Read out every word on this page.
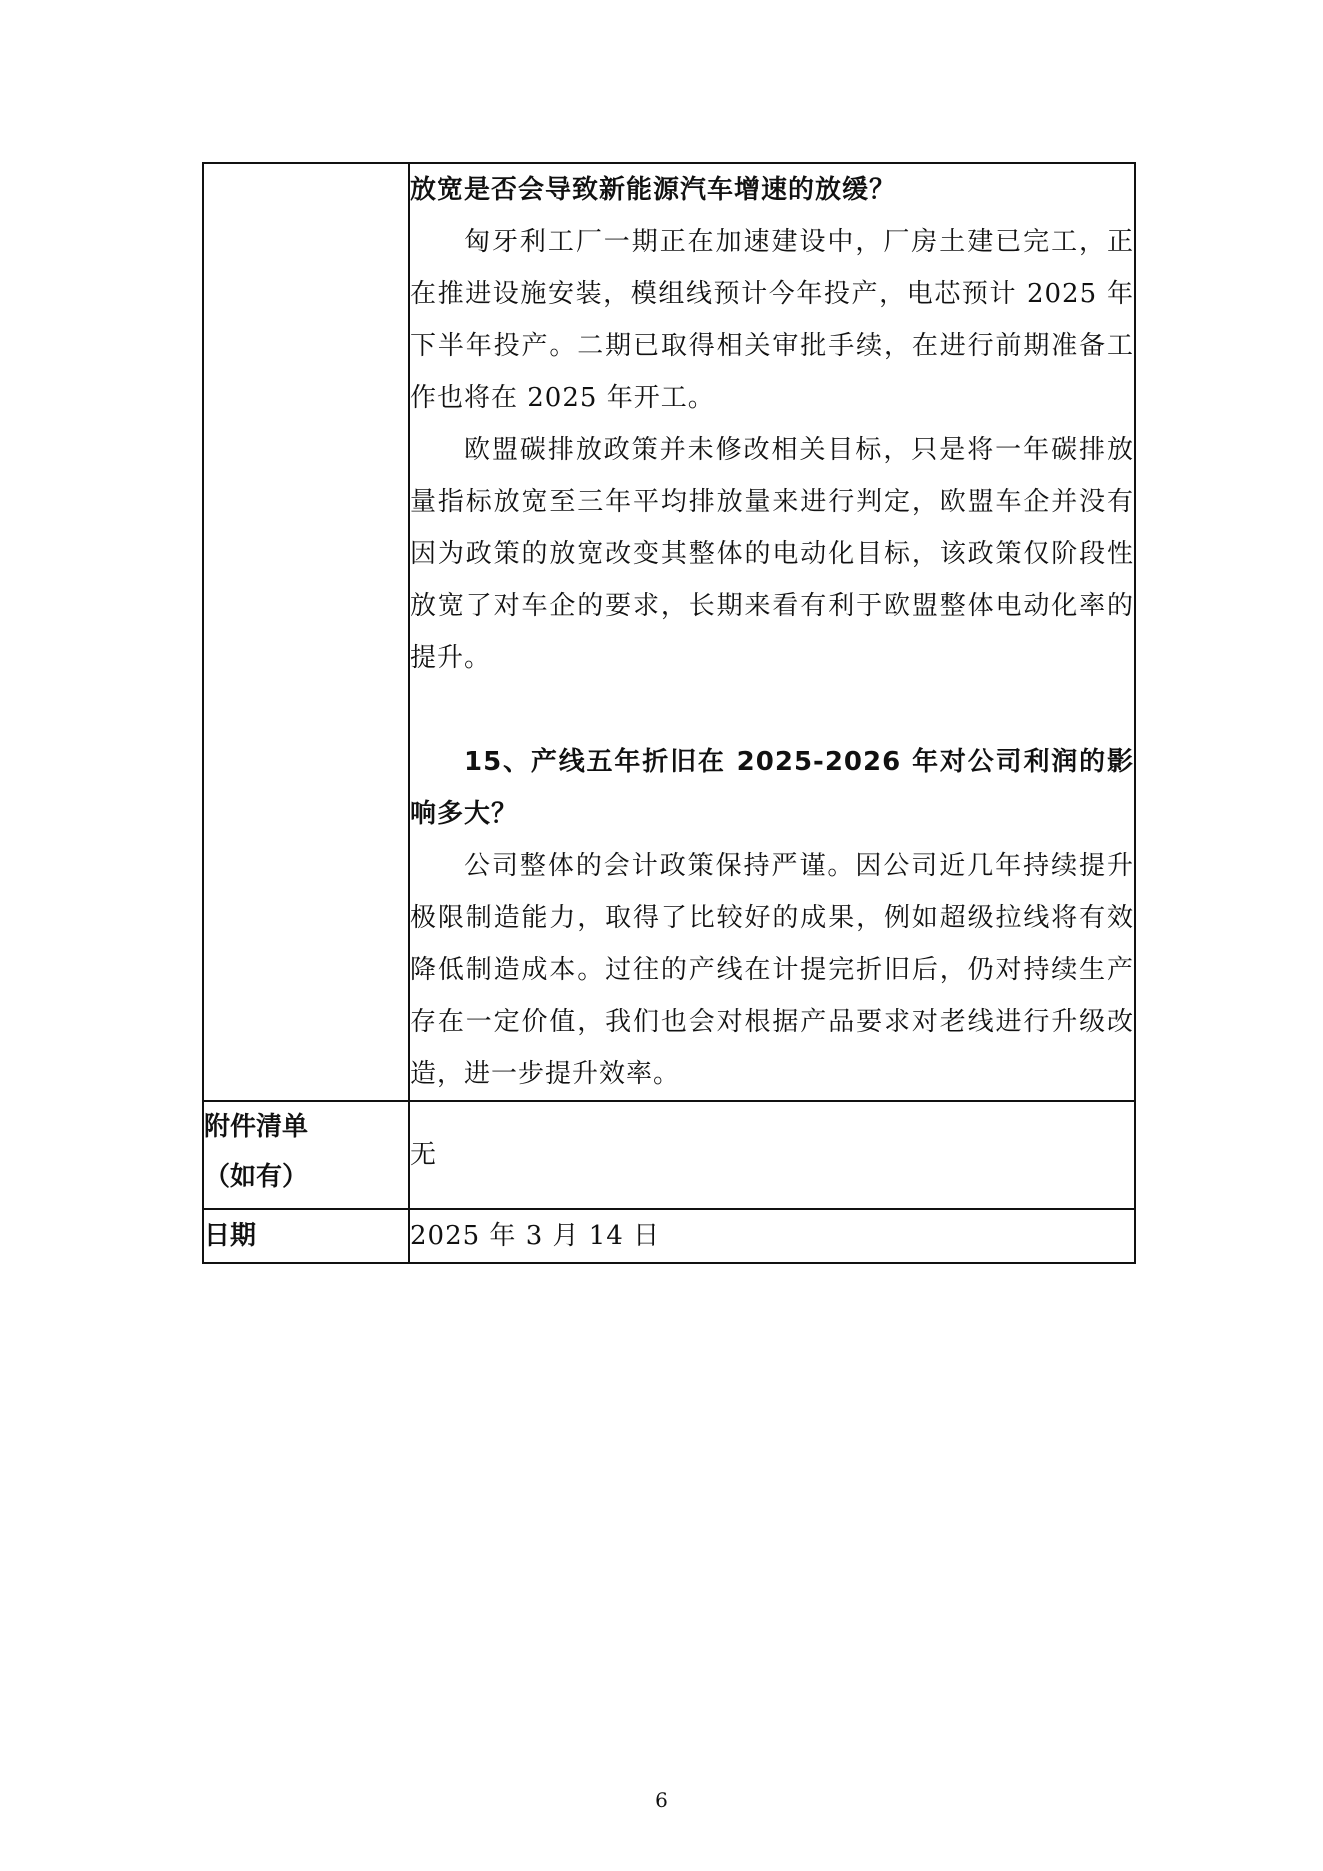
	放宽是否会导致新能源汽车增速的放缓？

匈牙利工厂一期正在加速建设中，厂房土建已完工，正在推进设施安装，模组线预计今年投产，电芯预计 2025 年下半年投产。二期已取得相关审批手续，在进行前期准备工作也将在 2025 年开工。

欧盟碳排放政策并未修改相关目标，只是将一年碳排放量指标放宽至三年平均排放量来进行判定，欧盟车企并没有因为政策的放宽改变其整体的电动化目标，该政策仅阶段性放宽了对车企的要求，长期来看有利于欧盟整体电动化率的提升。

15、产线五年折旧在 2025-2026 年对公司利润的影响多大？

公司整体的会计政策保持严谨。因公司近几年持续提升极限制造能力，取得了比较好的成果，例如超级拉线将有效降低制造成本。过往的产线在计提完折旧后，仍对持续生产存在一定价值，我们也会对根据产品要求对老线进行升级改造，进一步提升效率。

附件清单
（如有）	无
日期	2025 年 3 月 14 日
6
